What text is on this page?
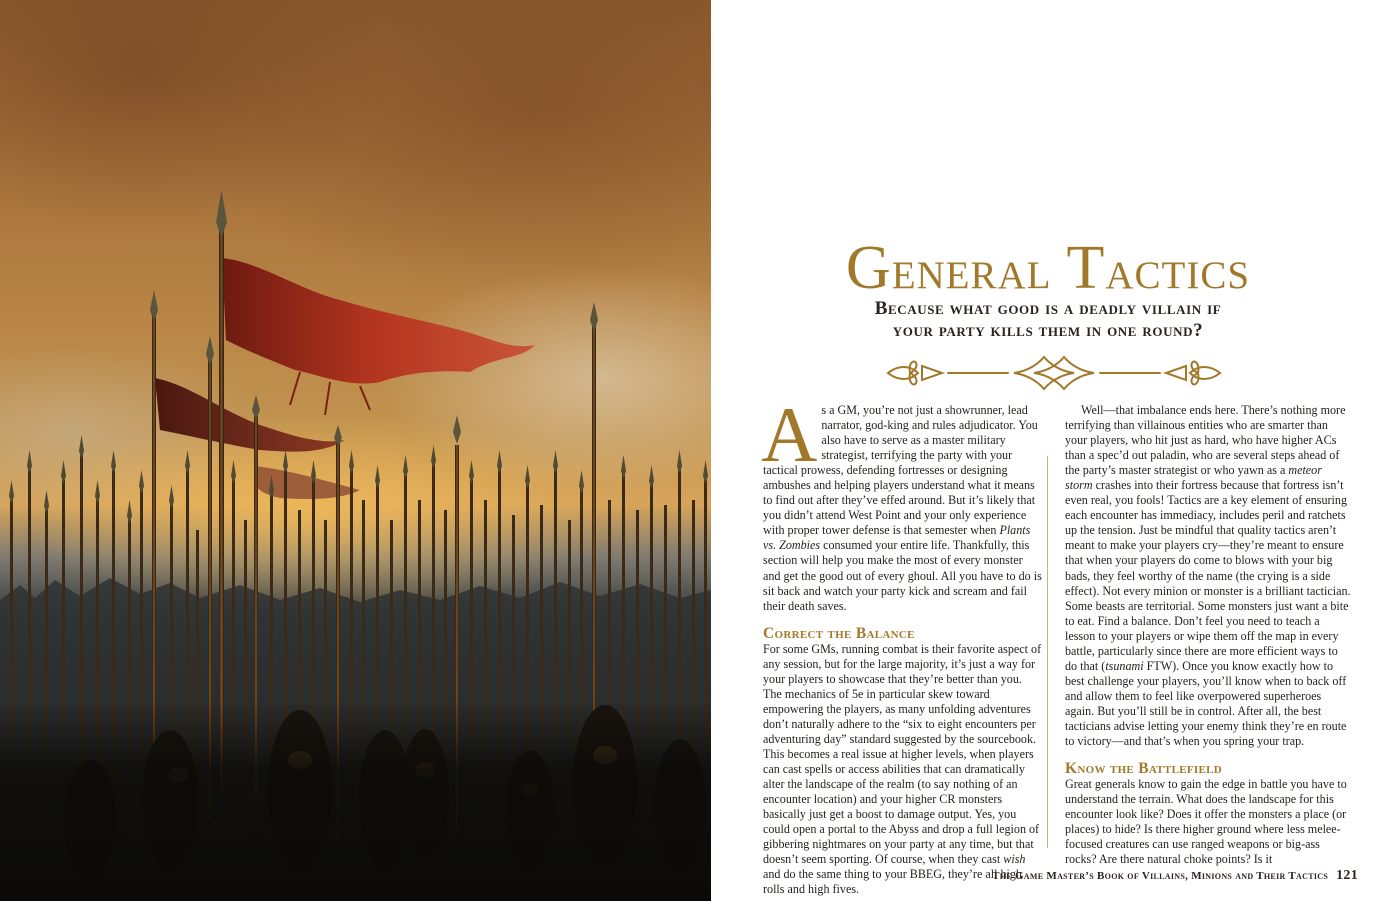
General Tactics
Because what good is a deadly villain if
your party kills them in one round?

As a GM, you’re not just a showrunner, lead narrator, god-king and rules adjudicator. You also have to serve as a master military strategist, terrifying the party with your tactical prowess, defending fortresses or designing ambushes and helping players understand what it means to find out after they’ve effed around. But it’s likely that you didn’t attend West Point and your only experience with proper tower defense is that semester when Plants vs. Zombies consumed your entire life. Thankfully, this section will help you make the most of every monster and get the good out of every ghoul. All you have to do is sit back and watch your party kick and scream and fail their death saves.

Correct the Balance

For some GMs, running combat is their favorite aspect of any session, but for the large majority, it’s just a way for your players to showcase that they’re better than you. The mechanics of 5e in particular skew toward empowering the players, as many unfolding adventures don’t naturally adhere to the “six to eight encounters per adventuring day” standard suggested by the sourcebook. This becomes a real issue at higher levels, when players can cast spells or access abilities that can dramatically alter the landscape of the realm (to say nothing of an encounter location) and your higher CR monsters basically just get a boost to damage output. Yes, you could open a portal to the Abyss and drop a full legion of gibbering nightmares on your party at any time, but that doesn’t seem sporting. Of course, when they cast wish and do the same thing to your BBEG, they’re all high rolls and high fives.

Well—that imbalance ends here. There’s nothing more terrifying than villainous entities who are smarter than your players, who hit just as hard, who have higher ACs than a spec’d out paladin, who are several steps ahead of the party’s master strategist or who yawn as a meteor storm crashes into their fortress because that fortress isn’t even real, you fools! Tactics are a key element of ensuring each encounter has immediacy, includes peril and ratchets up the tension. Just be mindful that quality tactics aren’t meant to make your players cry—they’re meant to ensure that when your players do come to blows with your big bads, they feel worthy of the name (the crying is a side effect). Not every minion or monster is a brilliant tactician. Some beasts are territorial. Some monsters just want a bite to eat. Find a balance. Don’t feel you need to teach a lesson to your players or wipe them off the map in every battle, particularly since there are more efficient ways to do that (tsunami FTW). Once you know exactly how to best challenge your players, you’ll know when to back off and allow them to feel like overpowered superheroes again. But you’ll still be in control. After all, the best tacticians advise letting your enemy think they’re en route to victory—and that’s when you spring your trap.

Know the Battlefield

Great generals know to gain the edge in battle you have to understand the terrain. What does the landscape for this encounter look like? Does it offer the monsters a place (or places) to hide? Is there higher ground where less melee-focused creatures can use ranged weapons or big-ass rocks? Are there natural choke points? Is it

The Game Master’s Book of Villains, Minions and Their Tactics 121
